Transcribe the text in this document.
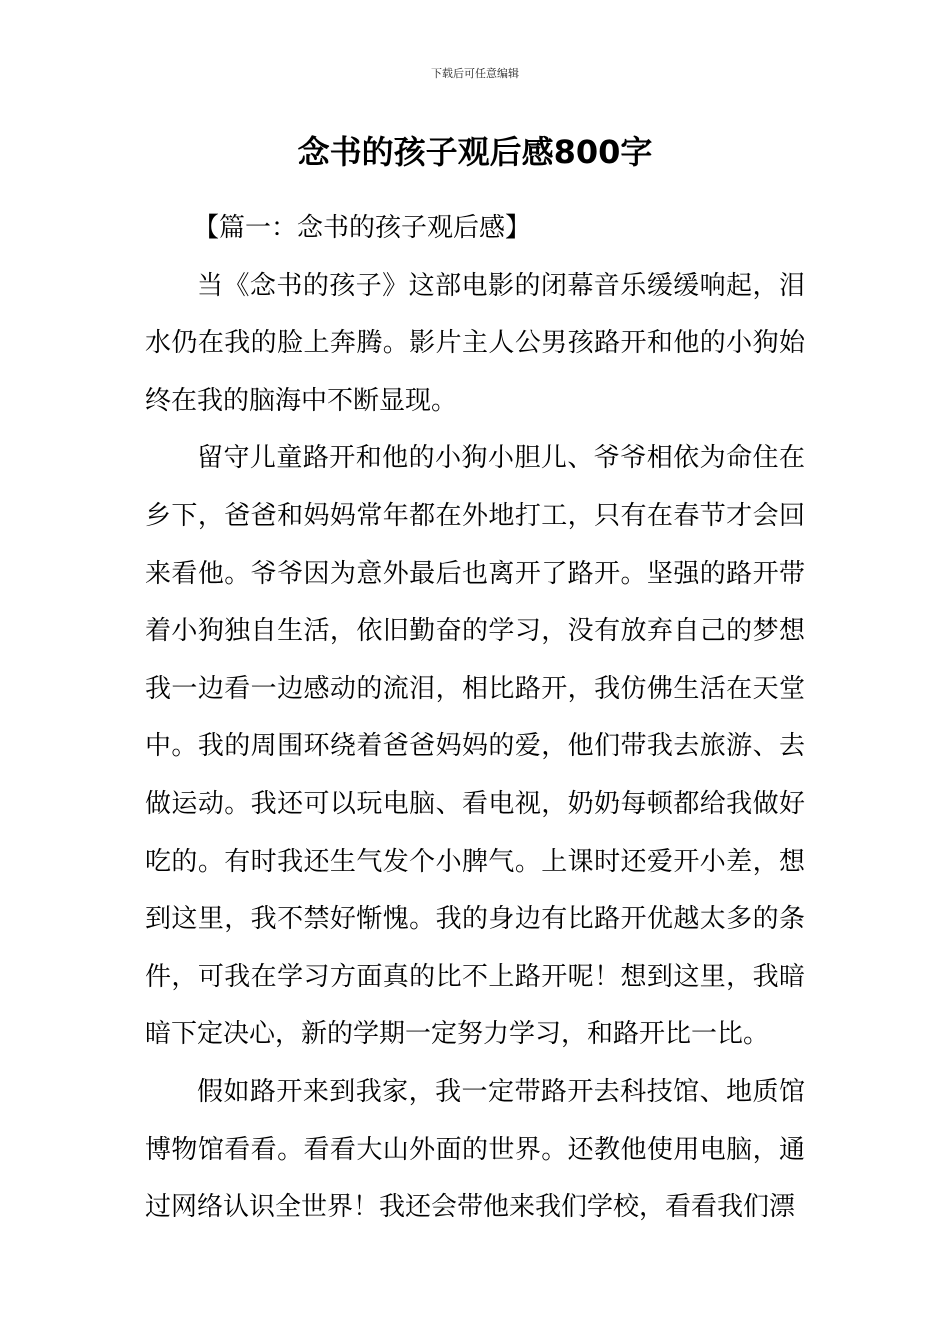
下载后可任意编辑
念书的孩子观后感800字

【篇一：念书的孩子观后感】

当《念书的孩子》这部电影的闭幕音乐缓缓响起，泪水仍在我的脸上奔腾。影片主人公男孩路开和他的小狗始终在我的脑海中不断显现。

留守儿童路开和他的小狗小胆儿、爷爷相依为命住在乡下，爸爸和妈妈常年都在外地打工，只有在春节才会回来看他。爷爷因为意外最后也离开了路开。坚强的路开带着小狗独自生活，依旧勤奋的学习，没有放弃自己的梦想我一边看一边感动的流泪，相比路开，我仿佛生活在天堂中。我的周围环绕着爸爸妈妈的爱，他们带我去旅游、去做运动。我还可以玩电脑、看电视，奶奶每顿都给我做好吃的。有时我还生气发个小脾气。上课时还爱开小差，想到这里，我不禁好惭愧。我的身边有比路开优越太多的条件，可我在学习方面真的比不上路开呢！想到这里，我暗暗下定决心，新的学期一定努力学习，和路开比一比。

假如路开来到我家，我一定带路开去科技馆、地质馆博物馆看看。看看大山外面的世界。还教他使用电脑，通过网络认识全世界！我还会带他来我们学校，看看我们漂
